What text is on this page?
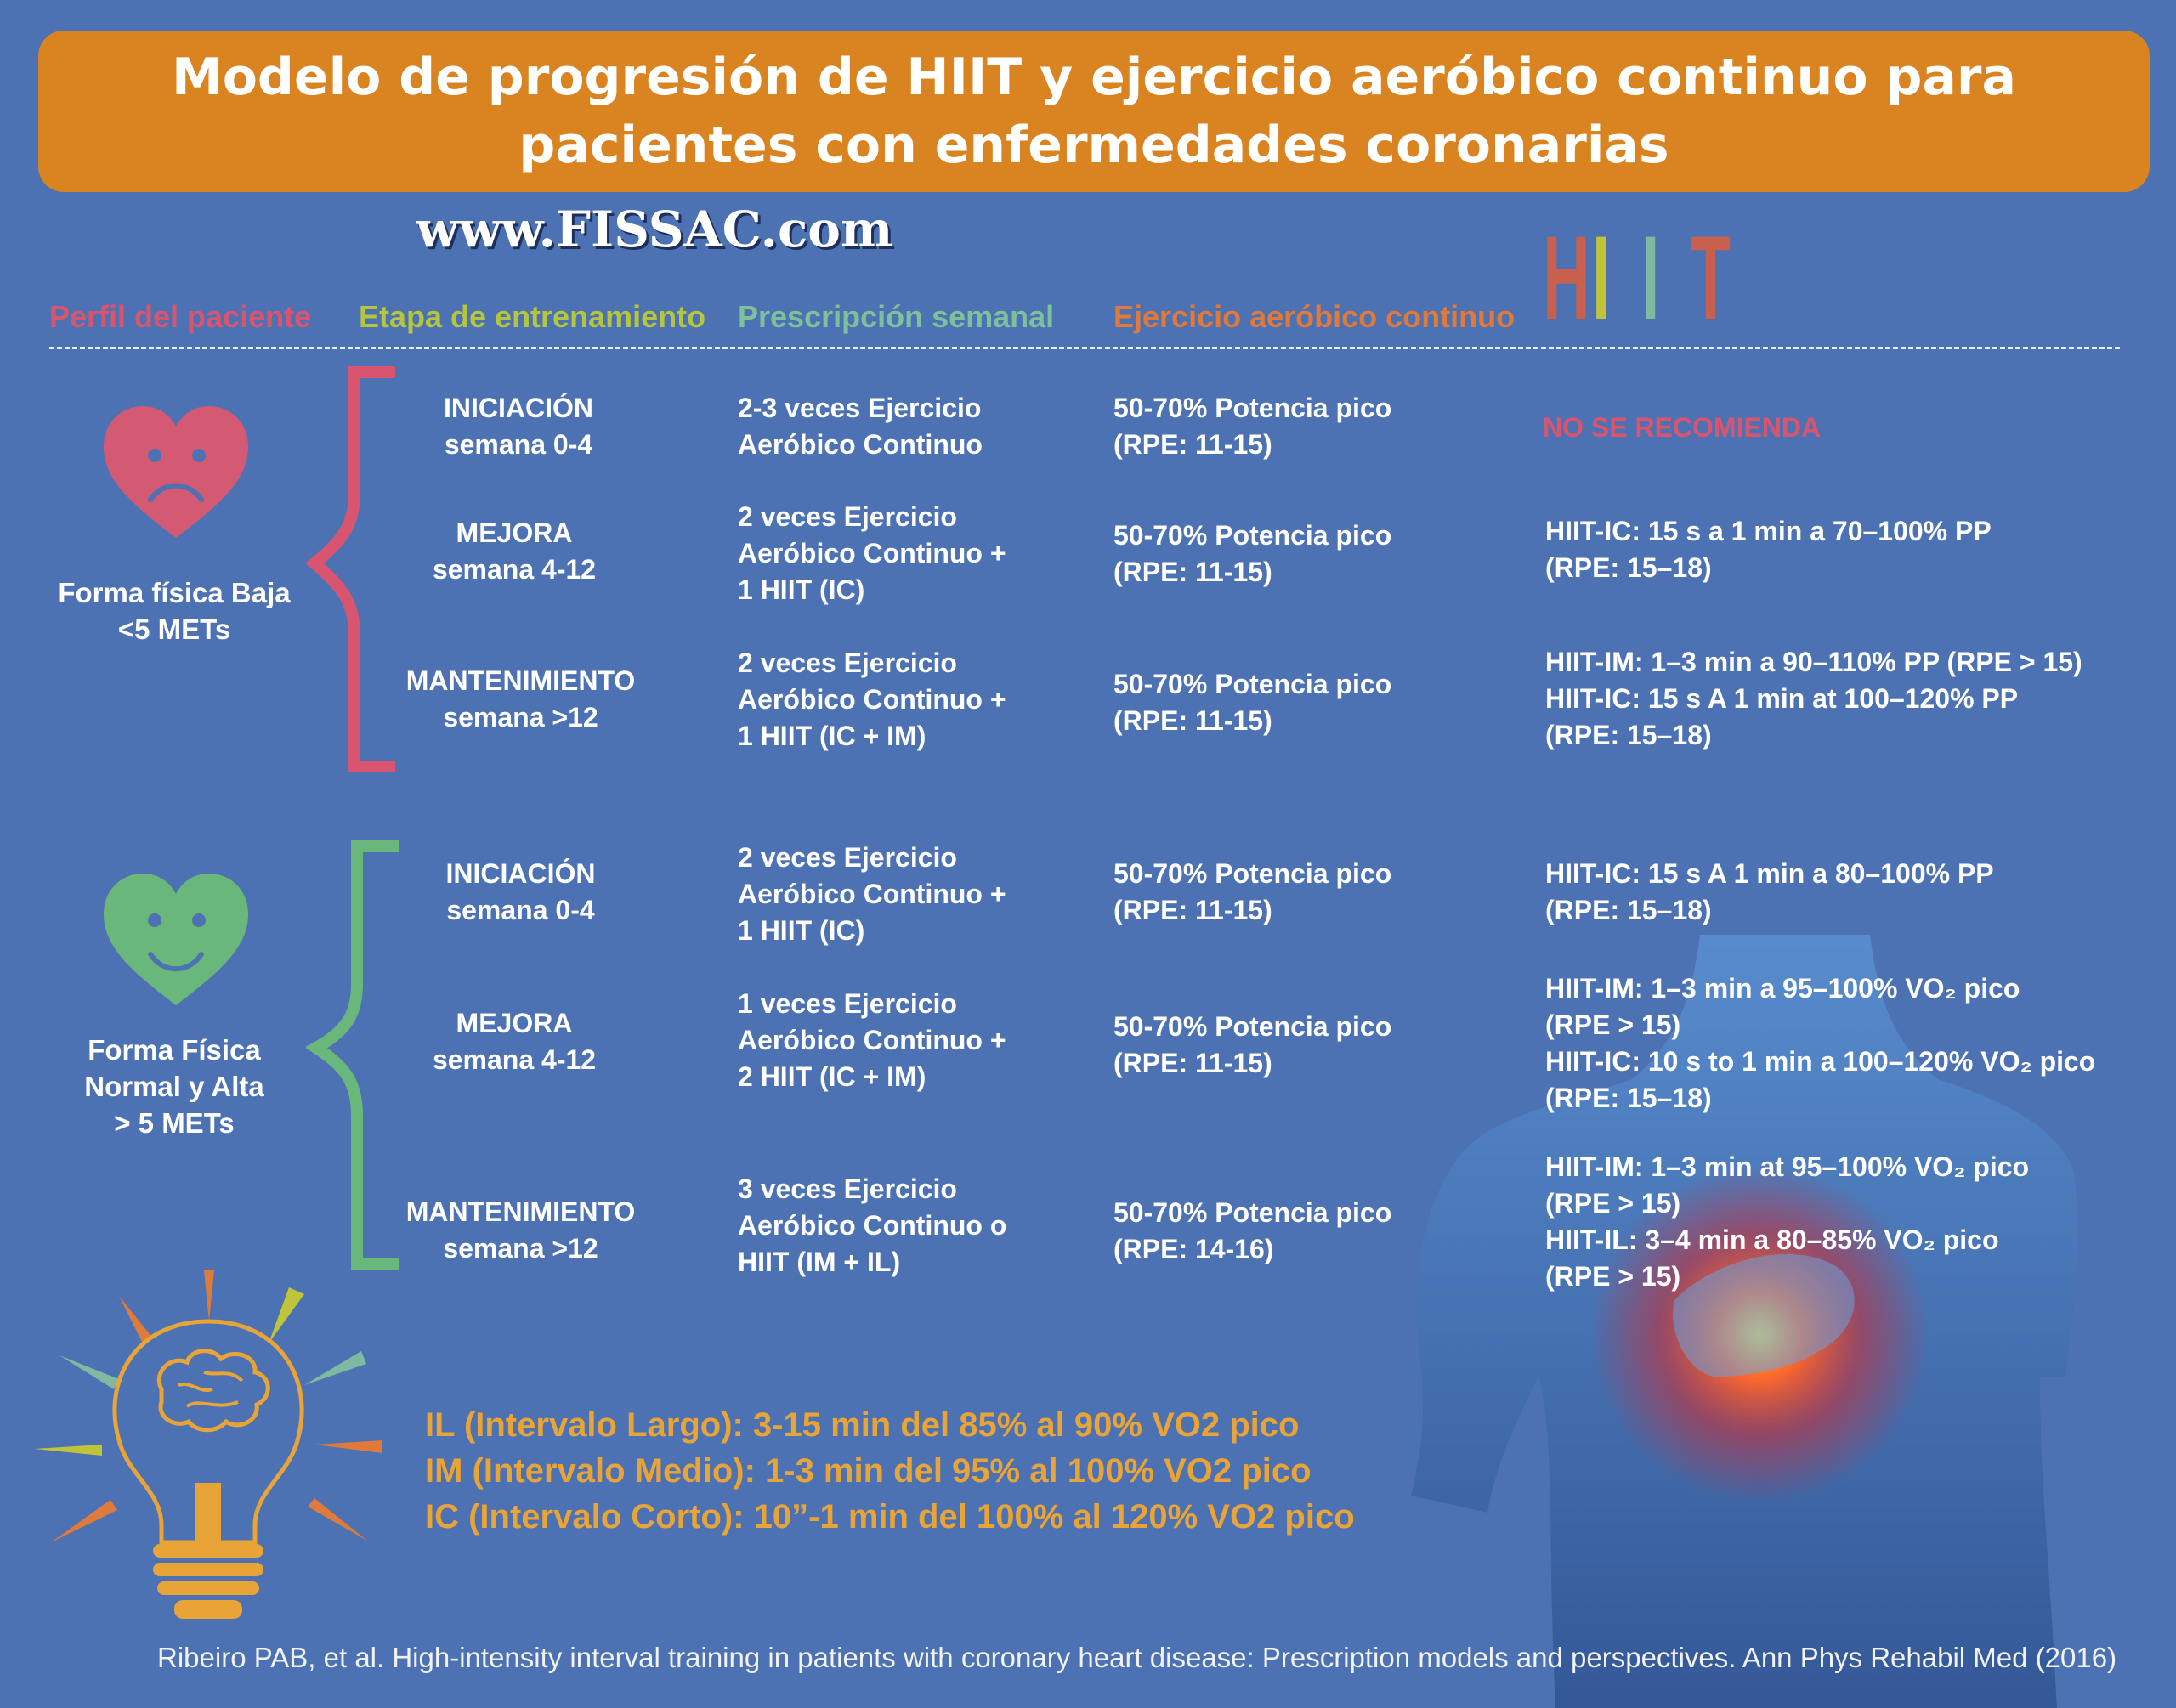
Modelo de progresión de HIIT y ejercicio aeróbico continuo para
pacientes con enfermedades coronarias
www.FISSAC.com	H I I T
Perfil del paciente Etapa de entrenamiento Prescripción semanal Ejercicio aeróbico continuo
Forma física Baja
<5 METs
Forma Física
Normal y Alta
> 5 METs
INICIACIÓN
semana 0-4
2-3 veces Ejercicio
Aeróbico Continuo
50-70% Potencia pico
(RPE: 11-15)
NO SE RECOMIENDA
MEJORA
semana 4-12
2 veces Ejercicio
Aeróbico Continuo +
1 HIIT (IC)
50-70% Potencia pico
(RPE: 11-15)
HIIT-IC: 15 s a 1 min a 70–100% PP
(RPE: 15–18)
MANTENIMIENTO
semana >12
2 veces Ejercicio
Aeróbico Continuo +
1 HIIT (IC + IM)
50-70% Potencia pico
(RPE: 11-15)
HIIT-IM: 1–3 min a 90–110% PP (RPE > 15)
HIIT-IC: 15 s A 1 min at 100–120% PP
(RPE: 15–18)
INICIACIÓN
semana 0-4
2 veces Ejercicio
Aeróbico Continuo +
1 HIIT (IC)
50-70% Potencia pico
(RPE: 11-15)
HIIT-IC: 15 s A 1 min a 80–100% PP
(RPE: 15–18)
MEJORA
semana 4-12
1 veces Ejercicio
Aeróbico Continuo +
2 HIIT (IC + IM)
50-70% Potencia pico
(RPE: 11-15)
HIIT-IM: 1–3 min a 95–100% VO₂ pico
(RPE > 15)
HIIT-IC: 10 s to 1 min a 100–120% VO₂ pico
(RPE: 15–18)
MANTENIMIENTO
semana >12
3 veces Ejercicio
Aeróbico Continuo o
HIIT (IM + IL)
50-70% Potencia pico
(RPE: 14-16)
HIIT-IM: 1–3 min at 95–100% VO₂ pico
(RPE > 15)
HIIT-IL: 3–4 min a 80–85% VO₂ pico
(RPE > 15)
IL (Intervalo Largo): 3-15 min del 85% al 90% VO2 pico
IM (Intervalo Medio): 1-3 min del 95% al 100% VO2 pico
IC (Intervalo Corto): 10”-1 min del 100% al 120% VO2 pico
Ribeiro PAB, et al. High-intensity interval training in patients with coronary heart disease: Prescription models and perspectives. Ann Phys Rehabil Med (2016)
